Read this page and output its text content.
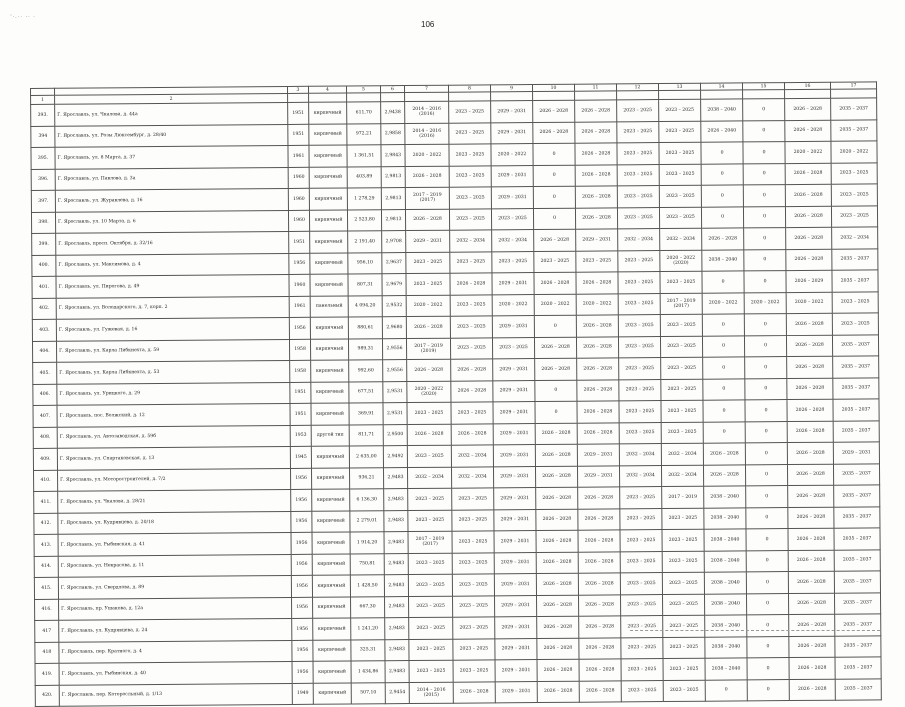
ʼ·.·· ·· ·
106
		3	4	5	6	7	8	9	10	11	12	13	14	15	16	17
1	2															
393.	Г. Ярославль, ул. Чкалова, д. 44а	1951	кирпичный	611,70	2,9438	2014 – 2016 (2016)	2023 – 2025	2029 – 2031	2026 – 2028	2026 – 2028	2023 – 2025	2023 – 2025	2038 – 2040	0	2026 – 2028	2035 – 2037
394	Г. Ярославль, ул. Розы Люксембург, д. 28/40	1951	кирпичный	972,21	2,9858	2014 – 2016 (2016)	2023 – 2025	2029 – 2031	2026 – 2028	2026 – 2028	2023 – 2025	2023 – 2025	2026 – 2040	0	2026 – 2028	2035 – 2037
395.	Г. Ярославль, ул. 8 Марта, д. 37	1961	кирпичный	1 361,51	2,9843	2020 – 2022	2023 – 2025	2020 – 2022	0	2026 – 2028	2023 – 2025	2023 – 2025	0	0	2020 – 2022	2020 – 2022
396.	Г. Ярославль, ул. Павлова, д. 3а	1960	кирпичный	403,89	2,9813	2026 – 2028	2023 – 2025	2029 – 2031	0	2026 – 2028	2023 – 2025	2023 – 2025	0	0	2026 – 2028	2023 – 2025
397.	Г. Ярославль, ул. Журавлева, д. 16	1960	кирпичный	1 278,29	2,9813	2017 – 2019 (2017)	2023 – 2025	2029 – 2031	0	2026 – 2028	2023 – 2025	2023 – 2025	0	0	2026 – 2028	2023 – 2025
398.	Г. Ярославль, ул. 10 Марта, д. 6	1960	кирпичный	2 523,80	2,9813	2026 – 2028	2023 – 2025	2023 – 2025	0	2026 – 2028	2023 – 2025	2023 – 2025	0	0	2026 – 2028	2023 – 2025
399.	Г. Ярославль, просп. Октября, д. 32/16	1951	кирпичный	2 191,40	2,9708	2029 – 2031	2032 – 2034	2032 – 2034	2026 – 2028	2029 – 2031	2032 – 2034	2032 – 2034	2026 – 2028	0	2026 – 2028	2032 – 2034
400.	Г. Ярославль, ул. Максимова, д. 4	1956	кирпичный	956,10	2,9637	2023 – 2025	2023 – 2025	2023 – 2025	2023 – 2025	2023 – 2025	2023 – 2025	2020 – 2022 (2020)	2038 – 2040	0	2026 – 2028	2035 – 2037
401.	Г. Ярославль, ул. Пирогова, д. 49	1960	кирпичный	807,31	2,9679	2023 – 2025	2026 – 2028	2029 – 2031	2026 – 2028	2026 – 2028	2023 – 2025	2023 – 2025	0	0	2026 – 2029	2035 – 2037
402.	Г. Ярославль, ул. Володарского, д. 7, корп. 2	1961	панельный	4 094,20	2,9532	2020 – 2022	2023 – 2025	2020 – 2022	2020 – 2022	2020 – 2022	2023 – 2025	2017 – 2019 (2017)	2020 – 2022	2020 – 2022	2020 – 2022	2023 – 2025
403.	Г. Ярославль, ул. Гужевая, д. 16	1956	кирпичный	880,61	2,9680	2026 – 2028	2023 – 2025	2029 – 2031	0	2026 – 2028	2023 – 2025	2023 – 2025	0	0	2026 – 2028	2023 – 2025
404.	Г. Ярославль, ул. Карла Либкнехта, д. 59	1958	кирпичный	989,31	2,9556	2017 – 2019 (2019)	2023 – 2025	2023 – 2025	2026 – 2028	2026 – 2028	2023 – 2025	2023 – 2025	0	0	2026 – 2028	2035 – 2037
405.	Г. Ярославль, ул. Карла Либкнехта, д. 53	1958	кирпичный	992,60	2,9556	2026 – 2028	2026 – 2028	2029 – 2031	2026 – 2028	2026 – 2028	2023 – 2025	2023 – 2025	0	0	2026 – 2028	2035 – 2037
406.	Г. Ярославль, ул. Урицкого, д. 29	1951	кирпичный	677,51	2,9531	2020 – 2022 (2020)	2026 – 2028	2029 – 2031	0	2026 – 2028	2023 – 2025	2023 – 2025	0	0	2026 – 2028	2035 – 2037
407.	Г. Ярославль, пос. Волжский, д. 12	1951	кирпичный	369,91	2,9531	2023 – 2025	2023 – 2025	2029 – 2031	0	2026 – 2028	2023 – 2025	2023 – 2025	0	0	2026 – 2028	2035 – 2037
408.	Г. Ярославль, ул. Автозаводская, д. 59б	1953	другой тип	811,71	2,9500	2026 – 2028	2026 – 2028	2029 – 2031	2026 – 2028	2026 – 2028	2023 – 2025	2023 – 2025	0	0	2026 – 2028	2035 – 2037
409.	Г. Ярославль, ул. Спартаковская, д. 13	1945	кирпичный	2 635,00	2,9492	2023 – 2025	2032 – 2034	2029 – 2031	2026 – 2028	2029 – 2031	2032 – 2034	2032 – 2034	2026 – 2028	0	2026 – 2028	2029 – 2031
410.	Г. Ярославль, ул. Моторостроителей, д. 7/2	1956	кирпичный	936,21	2,9483	2032 – 2034	2032 – 2034	2029 – 2031	2026 – 2028	2029 – 2031	2032 – 2034	2032 – 2034	2026 – 2028	0	2026 – 2028	2035 – 2037
411.	Г. Ярославль, ул. Чкалова, д. 28/21	1956	кирпичный	6 136,30	2,9483	2023 – 2025	2023 – 2025	2029 – 2031	2026 – 2028	2026 – 2028	2023 – 2025	2017 – 2019	2038 – 2040	0	2026 – 2028	2035 – 2037
412.	Г. Ярославль, ул. Кудрявцева, д. 20/18	1956	кирпичный	2 279,01	2,9483	2023 – 2025	2023 – 2025	2029 – 2031	2026 – 2028	2026 – 2028	2023 – 2025	2023 – 2025	2038 – 2040	0	2026 – 2028	2035 – 2037
413.	Г. Ярославль, ул. Рыбинская, д. 41	1956	кирпичный	1 914,20	2,9483	2017 – 2019 (2017)	2023 – 2025	2029 – 2031	2026 – 2028	2026 – 2028	2023 – 2025	2023 – 2025	2038 – 2040	0	2026 – 2028	2035 – 2037
414.	Г. Ярославль, ул. Некрасова, д. 11	1956	кирпичный	750,81	2,9483	2023 – 2025	2023 – 2025	2029 – 2031	2026 – 2028	2026 – 2028	2023 – 2025	2023 – 2025	2038 – 2040	0	2026 – 2028	2035 – 2037
415.	Г. Ярославль, ул. Свердлова, д. 89	1956	кирпичный	1 428,50	2,9483	2023 – 2025	2023 – 2025	2029 – 2031	2026 – 2028	2026 – 2028	2023 – 2025	2023 – 2025	2038 – 2040	0	2026 – 2028	2035 – 2037
416.	Г. Ярославль, пр. Ушакова, д. 12а	1956	кирпичный	667,30	2,9483	2023 – 2025	2023 – 2025	2029 – 2031	2026 – 2028	2026 – 2028	2023 – 2025	2023 – 2025	2038 – 2040	0	2026 – 2028	2035 – 2037
417	Г. Ярославль, ул. Кудрявцева, д. 24	1956	кирпичный	1 241,20	2,9483	2023 – 2025	2023 – 2025	2029 – 2031	2026 – 2028	2026 – 2028	2023 – 2025	2023 – 2025	2038 – 2040	0	2026 – 2028	2035 – 2037
418	Г. Ярославль, пер. Кратного, д. 4	1956	кирпичный	325,31	2,9483	2023 – 2025	2023 – 2025	2029 – 2031	2026 – 2028	2026 – 2028	2023 – 2025	2023 – 2025	2038 – 2040	0	2026 – 2028	2035 – 2037
419.	Г. Ярославль, ул. Рыбинская, д. 40	1956	кирпичный	1 434,86	2,9483	2023 – 2025	2023 – 2025	2029 – 2031	2026 – 2028	2026 – 2028	2023 – 2025	2023 – 2025	2038 – 2040	0	2026 – 2028	2035 – 2037
420.	Г. Ярославль, пер. Которосльный, д. 1/13	1949	кирпичный	507,10	2,9454	2014 – 2016 (2015)	2026 – 2028	2029 – 2031	2026 – 2028	2026 – 2028	2023 – 2025	2023 – 2025	0	0	2026 – 2028	2035 – 2037
